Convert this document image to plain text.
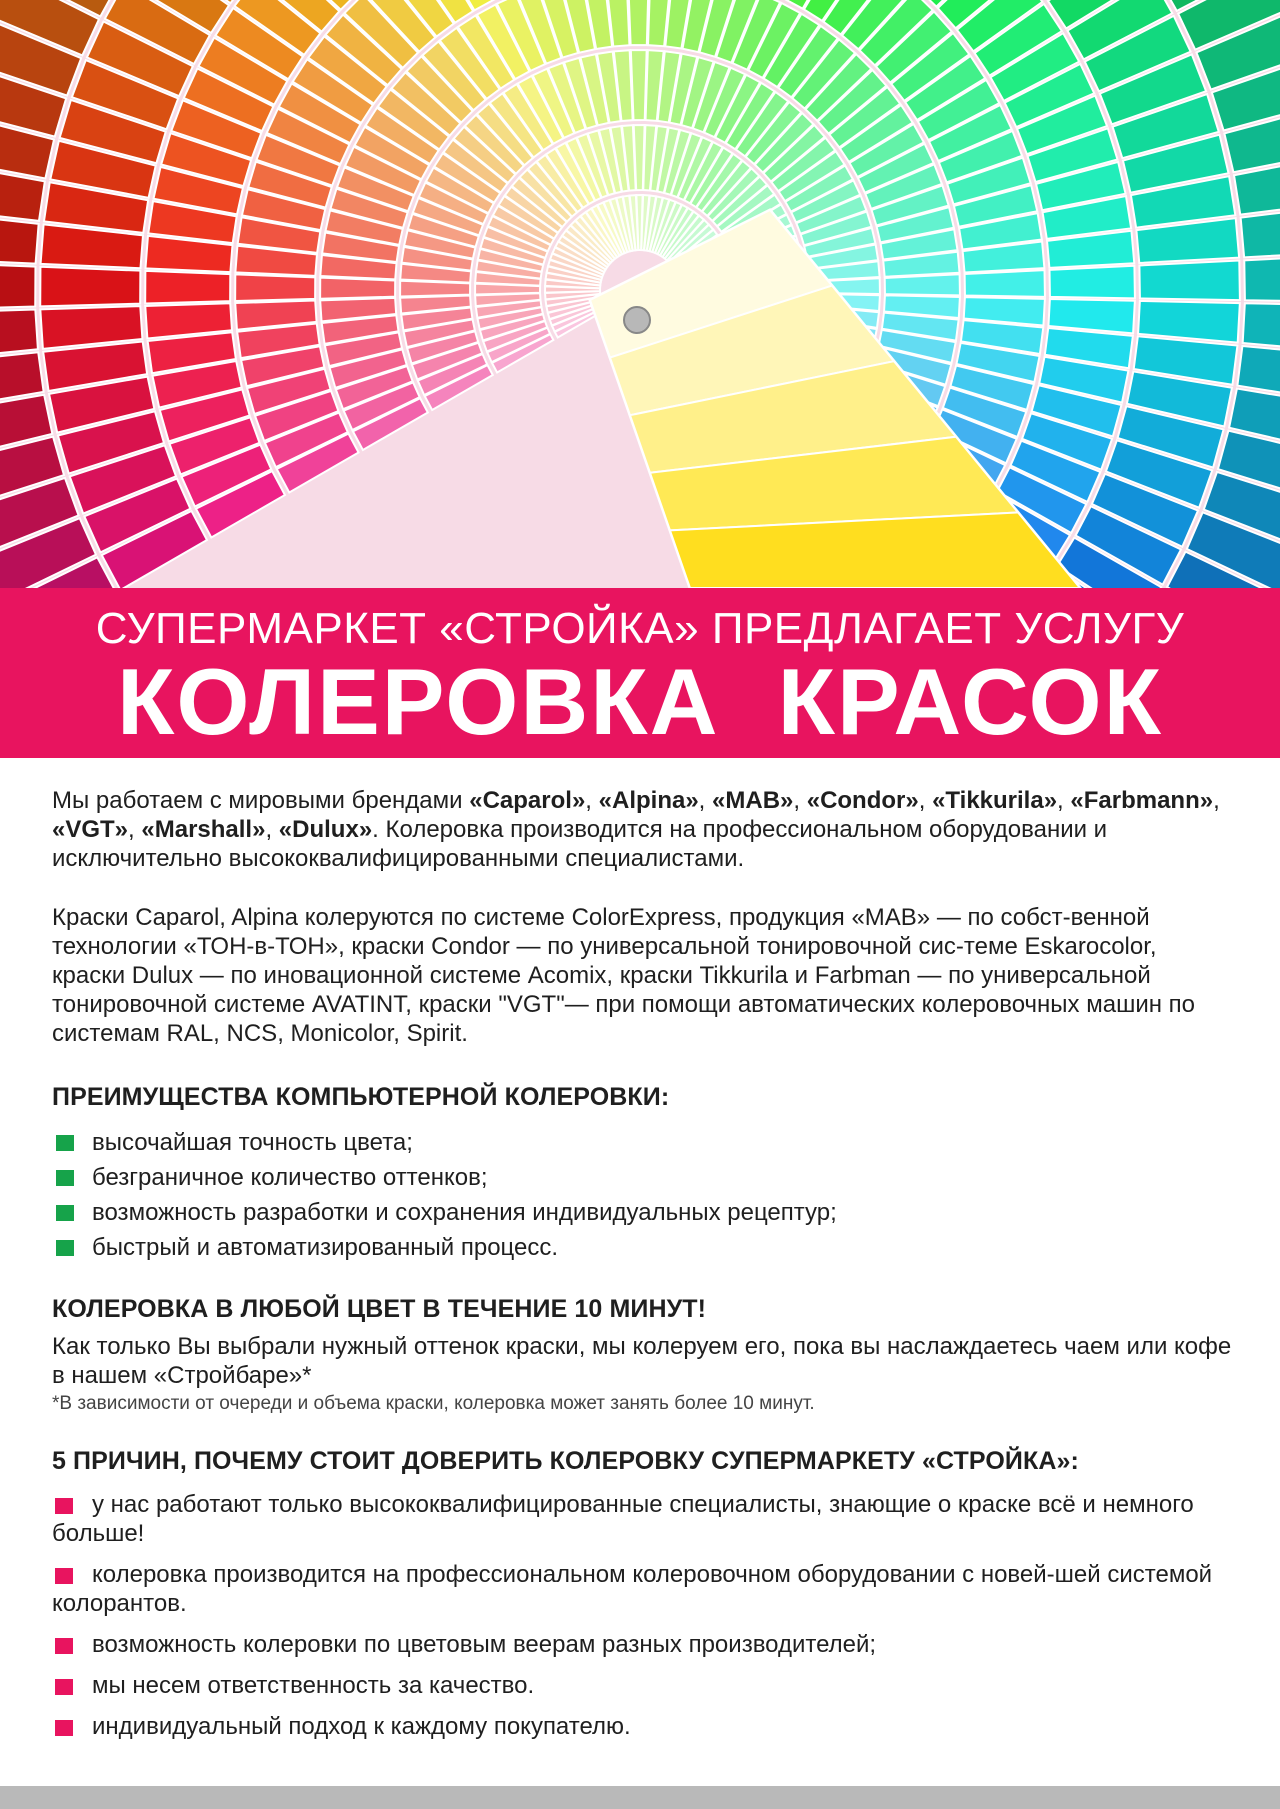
СУПЕРМАРКЕТ «СТРОЙКА» ПРЕДЛАГАЕТ УСЛУГУ
КОЛЕРОВКА КРАСОК

Мы работаем с мировыми брендами «Caparol», «Alpina», «MAB», «Condor», «Tikkurila», «Farbmann», «VGT», «Marshall», «Dulux». Колеровка производится на профессиональном оборудовании и исключительно высококвалифицированными специалистами.

Краски Caparol, Alpina колеруются по системе ColorExpress, продукция «MAB» — по собст-венной технологии «ТОН-в-ТОН», краски Condor — по универсальной тонировочной сис-теме Eskarocolor, краски Dulux — по иновационной системе Acomix, краски Tikkurila и Farbman — по универсальной тонировочной системе AVATINT, краски "VGT"— при помощи автоматических колеровочных машин по системам RAL, NCS, Monicolor, Spirit.

ПРЕИМУЩЕСТВА КОМПЬЮТЕРНОЙ КОЛЕРОВКИ:
высочайшая точность цвета;
безграничное количество оттенков;
возможность разработки и сохранения индивидуальных рецептур;
быстрый и автоматизированный процесс.
КОЛЕРОВКА В ЛЮБОЙ ЦВЕТ В ТЕЧЕНИЕ 10 МИНУТ!

Как только Вы выбрали нужный оттенок краски, мы колеруем его, пока вы наслаждаетесь чаем или кофе в нашем «Стройбаре»*

*В зависимости от очереди и объема краски, колеровка может занять более 10 минут.
5 ПРИЧИН, ПОЧЕМУ СТОИТ ДОВЕРИТЬ КОЛЕРОВКУ СУПЕРМАРКЕТУ «СТРОЙКА»:
у нас работают только высококвалифицированные специалисты, знающие о краске всё и немного больше!
колеровка производится на профессиональном колеровочном оборудовании с новей-шей системой колорантов.
возможность колеровки по цветовым веерам разных производителей;
мы несем ответственность за качество.
индивидуальный подход к каждому покупателю.
